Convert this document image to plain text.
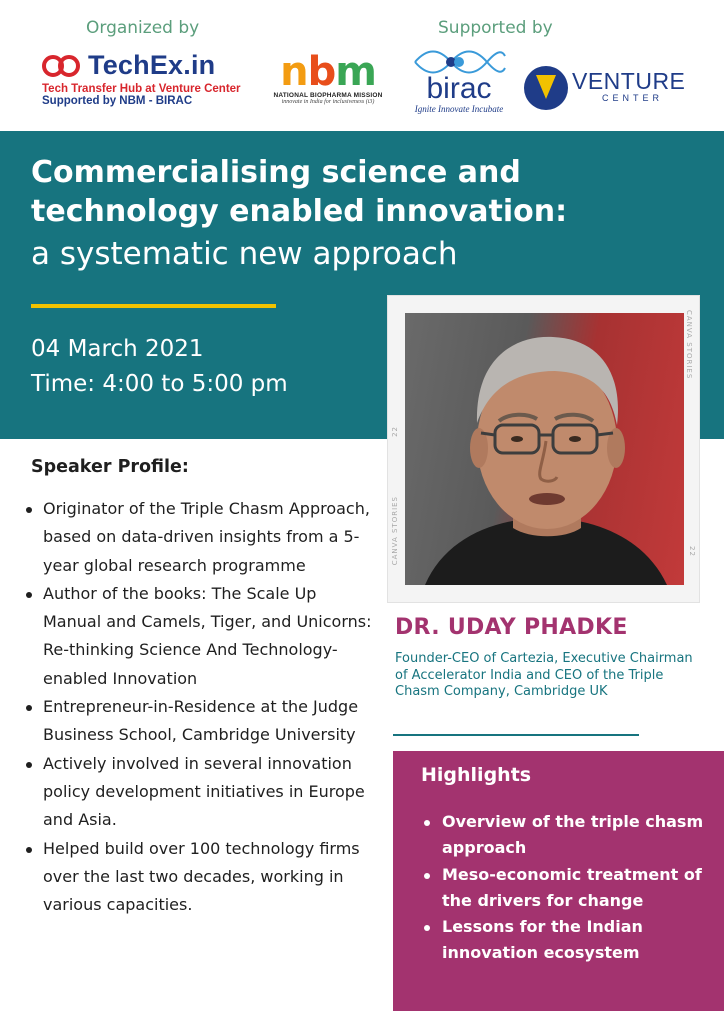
Organized by	Supported by
TechEx.in
Tech Transfer Hub at Venture Center
Supported by NBM - BIRAC
nbm
NATIONAL BIOPHARMA MISSION
innovate in India for inclusiveness (i3)	birac
Ignite Innovate Incubate
VENTURE
CENTER
Commercialising science and technology enabled innovation:
a systematic new approach
04 March 2021
Time: 4:00 to 5:00 pm
CANVA STORIES
22
22
CANVA STORIES
DR. UDAY PHADKE
Founder-CEO of Cartezia, Executive Chairman of Accelerator India and CEO of the Triple Chasm Company, Cambridge UK
Speaker Profile:
Originator of the Triple Chasm Approach, based on data-driven insights from a 5-year global research programme
Author of the books: The Scale Up Manual and Camels, Tiger, and Unicorns: Re-thinking Science And Technology-enabled Innovation
Entrepreneur-in-Residence at the Judge Business School, Cambridge University
Actively involved in several innovation policy development initiatives in Europe and Asia.
Helped build over 100 technology firms over the last two decades, working in various capacities.
Highlights
Overview of the triple chasm approach
Meso-economic treatment of the drivers for change
Lessons for the Indian innovation ecosystem
